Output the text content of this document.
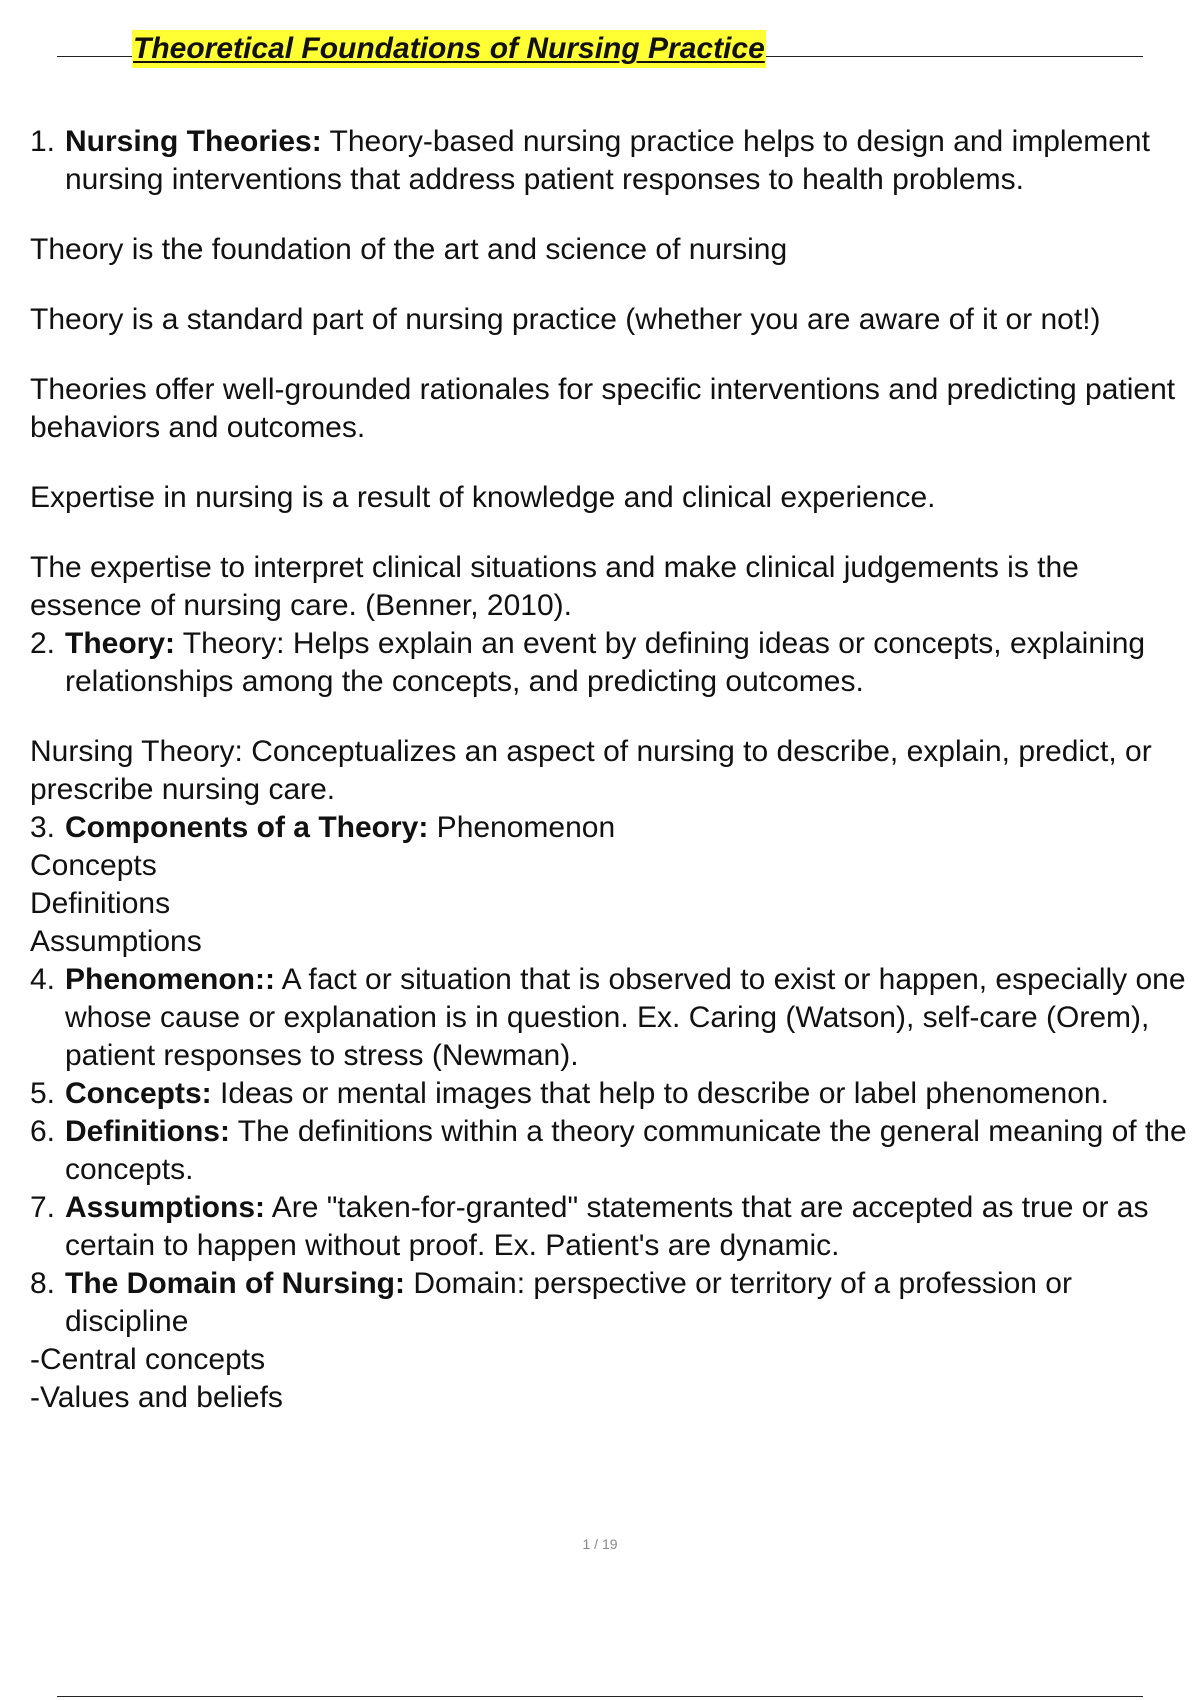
Theoretical Foundations of Nursing Practice

1. Nursing Theories: Theory-based nursing practice helps to design and implement nursing interventions that address patient responses to health problems.

Theory is the foundation of the art and science of nursing

Theory is a standard part of nursing practice (whether you are aware of it or not!)

Theories offer well-grounded rationales for specific interventions and predicting patient behaviors and outcomes.

Expertise in nursing is a result of knowledge and clinical experience.

The expertise to interpret clinical situations and make clinical judgements is the essence of nursing care. (Benner, 2010).

2. Theory: Theory: Helps explain an event by defining ideas or concepts, explaining relationships among the concepts, and predicting outcomes.

Nursing Theory: Conceptualizes an aspect of nursing to describe, explain, predict, or prescribe nursing care.

3. Components of a Theory: Phenomenon

Concepts

Definitions

Assumptions

4. Phenomenon:: A fact or situation that is observed to exist or happen, especially one whose cause or explanation is in question. Ex. Caring (Watson), self-care (Orem), patient responses to stress (Newman).

5. Concepts: Ideas or mental images that help to describe or label phenomenon.

6. Definitions: The definitions within a theory communicate the general meaning of the concepts.

7. Assumptions: Are "taken-for-granted" statements that are accepted as true or as certain to happen without proof. Ex. Patient's are dynamic.

8. The Domain of Nursing: Domain: perspective or territory of a profession or discipline

-Central concepts

-Values and beliefs

1 / 19
